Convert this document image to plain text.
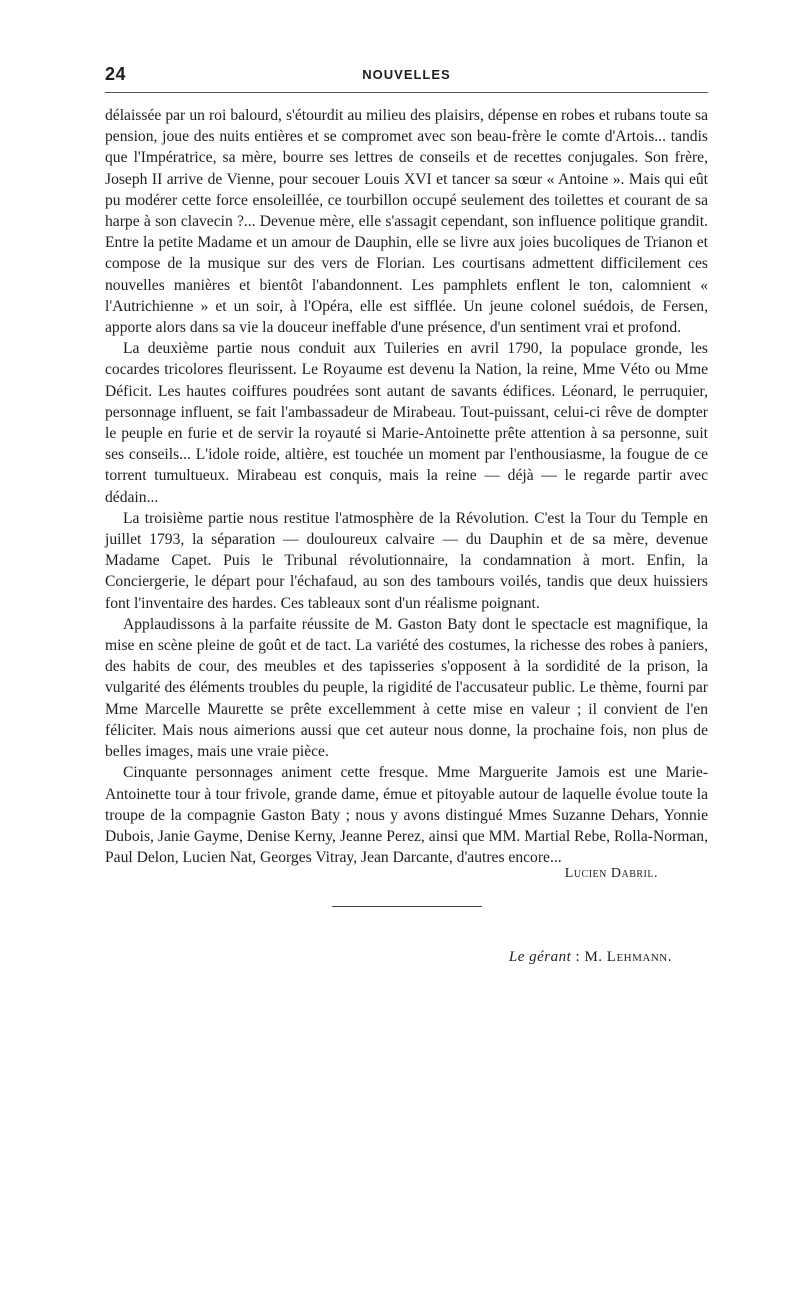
24	NOUVELLES

délaissée par un roi balourd, s'étourdit au milieu des plaisirs, dépense en robes et rubans toute sa pension, joue des nuits entières et se compromet avec son beau-frère le comte d'Artois... tandis que l'Impératrice, sa mère, bourre ses lettres de conseils et de recettes conjugales. Son frère, Joseph II arrive de Vienne, pour secouer Louis XVI et tancer sa sœur « Antoine ». Mais qui eût pu modérer cette force ensoleillée, ce tourbillon occupé seulement des toilettes et courant de sa harpe à son clavecin ?... Devenue mère, elle s'assagit cependant, son influence politique grandit. Entre la petite Madame et un amour de Dauphin, elle se livre aux joies bucoliques de Trianon et compose de la musique sur des vers de Florian. Les courtisans admettent difficilement ces nouvelles manières et bientôt l'abandonnent. Les pamphlets enflent le ton, calomnient « l'Autrichienne » et un soir, à l'Opéra, elle est sifflée. Un jeune colonel suédois, de Fersen, apporte alors dans sa vie la douceur ineffable d'une présence, d'un sentiment vrai et profond.

La deuxième partie nous conduit aux Tuileries en avril 1790, la populace gronde, les cocardes tricolores fleurissent. Le Royaume est devenu la Nation, la reine, Mme Véto ou Mme Déficit. Les hautes coiffures poudrées sont autant de savants édifices. Léonard, le perruquier, personnage influent, se fait l'ambassadeur de Mirabeau. Tout-puissant, celui-ci rêve de dompter le peuple en furie et de servir la royauté si Marie-Antoinette prête attention à sa personne, suit ses conseils... L'idole roide, altière, est touchée un moment par l'enthousiasme, la fougue de ce torrent tumultueux. Mirabeau est conquis, mais la reine — déjà — le regarde partir avec dédain...

La troisième partie nous restitue l'atmosphère de la Révolution. C'est la Tour du Temple en juillet 1793, la séparation — douloureux calvaire — du Dauphin et de sa mère, devenue Madame Capet. Puis le Tribunal révolutionnaire, la condamnation à mort. Enfin, la Conciergerie, le départ pour l'échafaud, au son des tambours voilés, tandis que deux huissiers font l'inventaire des hardes. Ces tableaux sont d'un réalisme poignant.

Applaudissons à la parfaite réussite de M. Gaston Baty dont le spectacle est magnifique, la mise en scène pleine de goût et de tact. La variété des costumes, la richesse des robes à paniers, des habits de cour, des meubles et des tapisseries s'opposent à la sordidité de la prison, la vulgarité des éléments troubles du peuple, la rigidité de l'accusateur public. Le thème, fourni par Mme Marcelle Maurette se prête excellemment à cette mise en valeur ; il convient de l'en féliciter. Mais nous aimerions aussi que cet auteur nous donne, la prochaine fois, non plus de belles images, mais une vraie pièce.

Cinquante personnages animent cette fresque. Mme Marguerite Jamois est une Marie-Antoinette tour à tour frivole, grande dame, émue et pitoyable autour de laquelle évolue toute la troupe de la compagnie Gaston Baty ; nous y avons distingué Mmes Suzanne Dehars, Yonnie Dubois, Janie Gayme, Denise Kerny, Jeanne Perez, ainsi que MM. Martial Rebe, Rolla-Norman, Paul Delon, Lucien Nat, Georges Vitray, Jean Darcante, d'autres encore...

Lucien Dabril.
Le gérant : M. Lehmann.
